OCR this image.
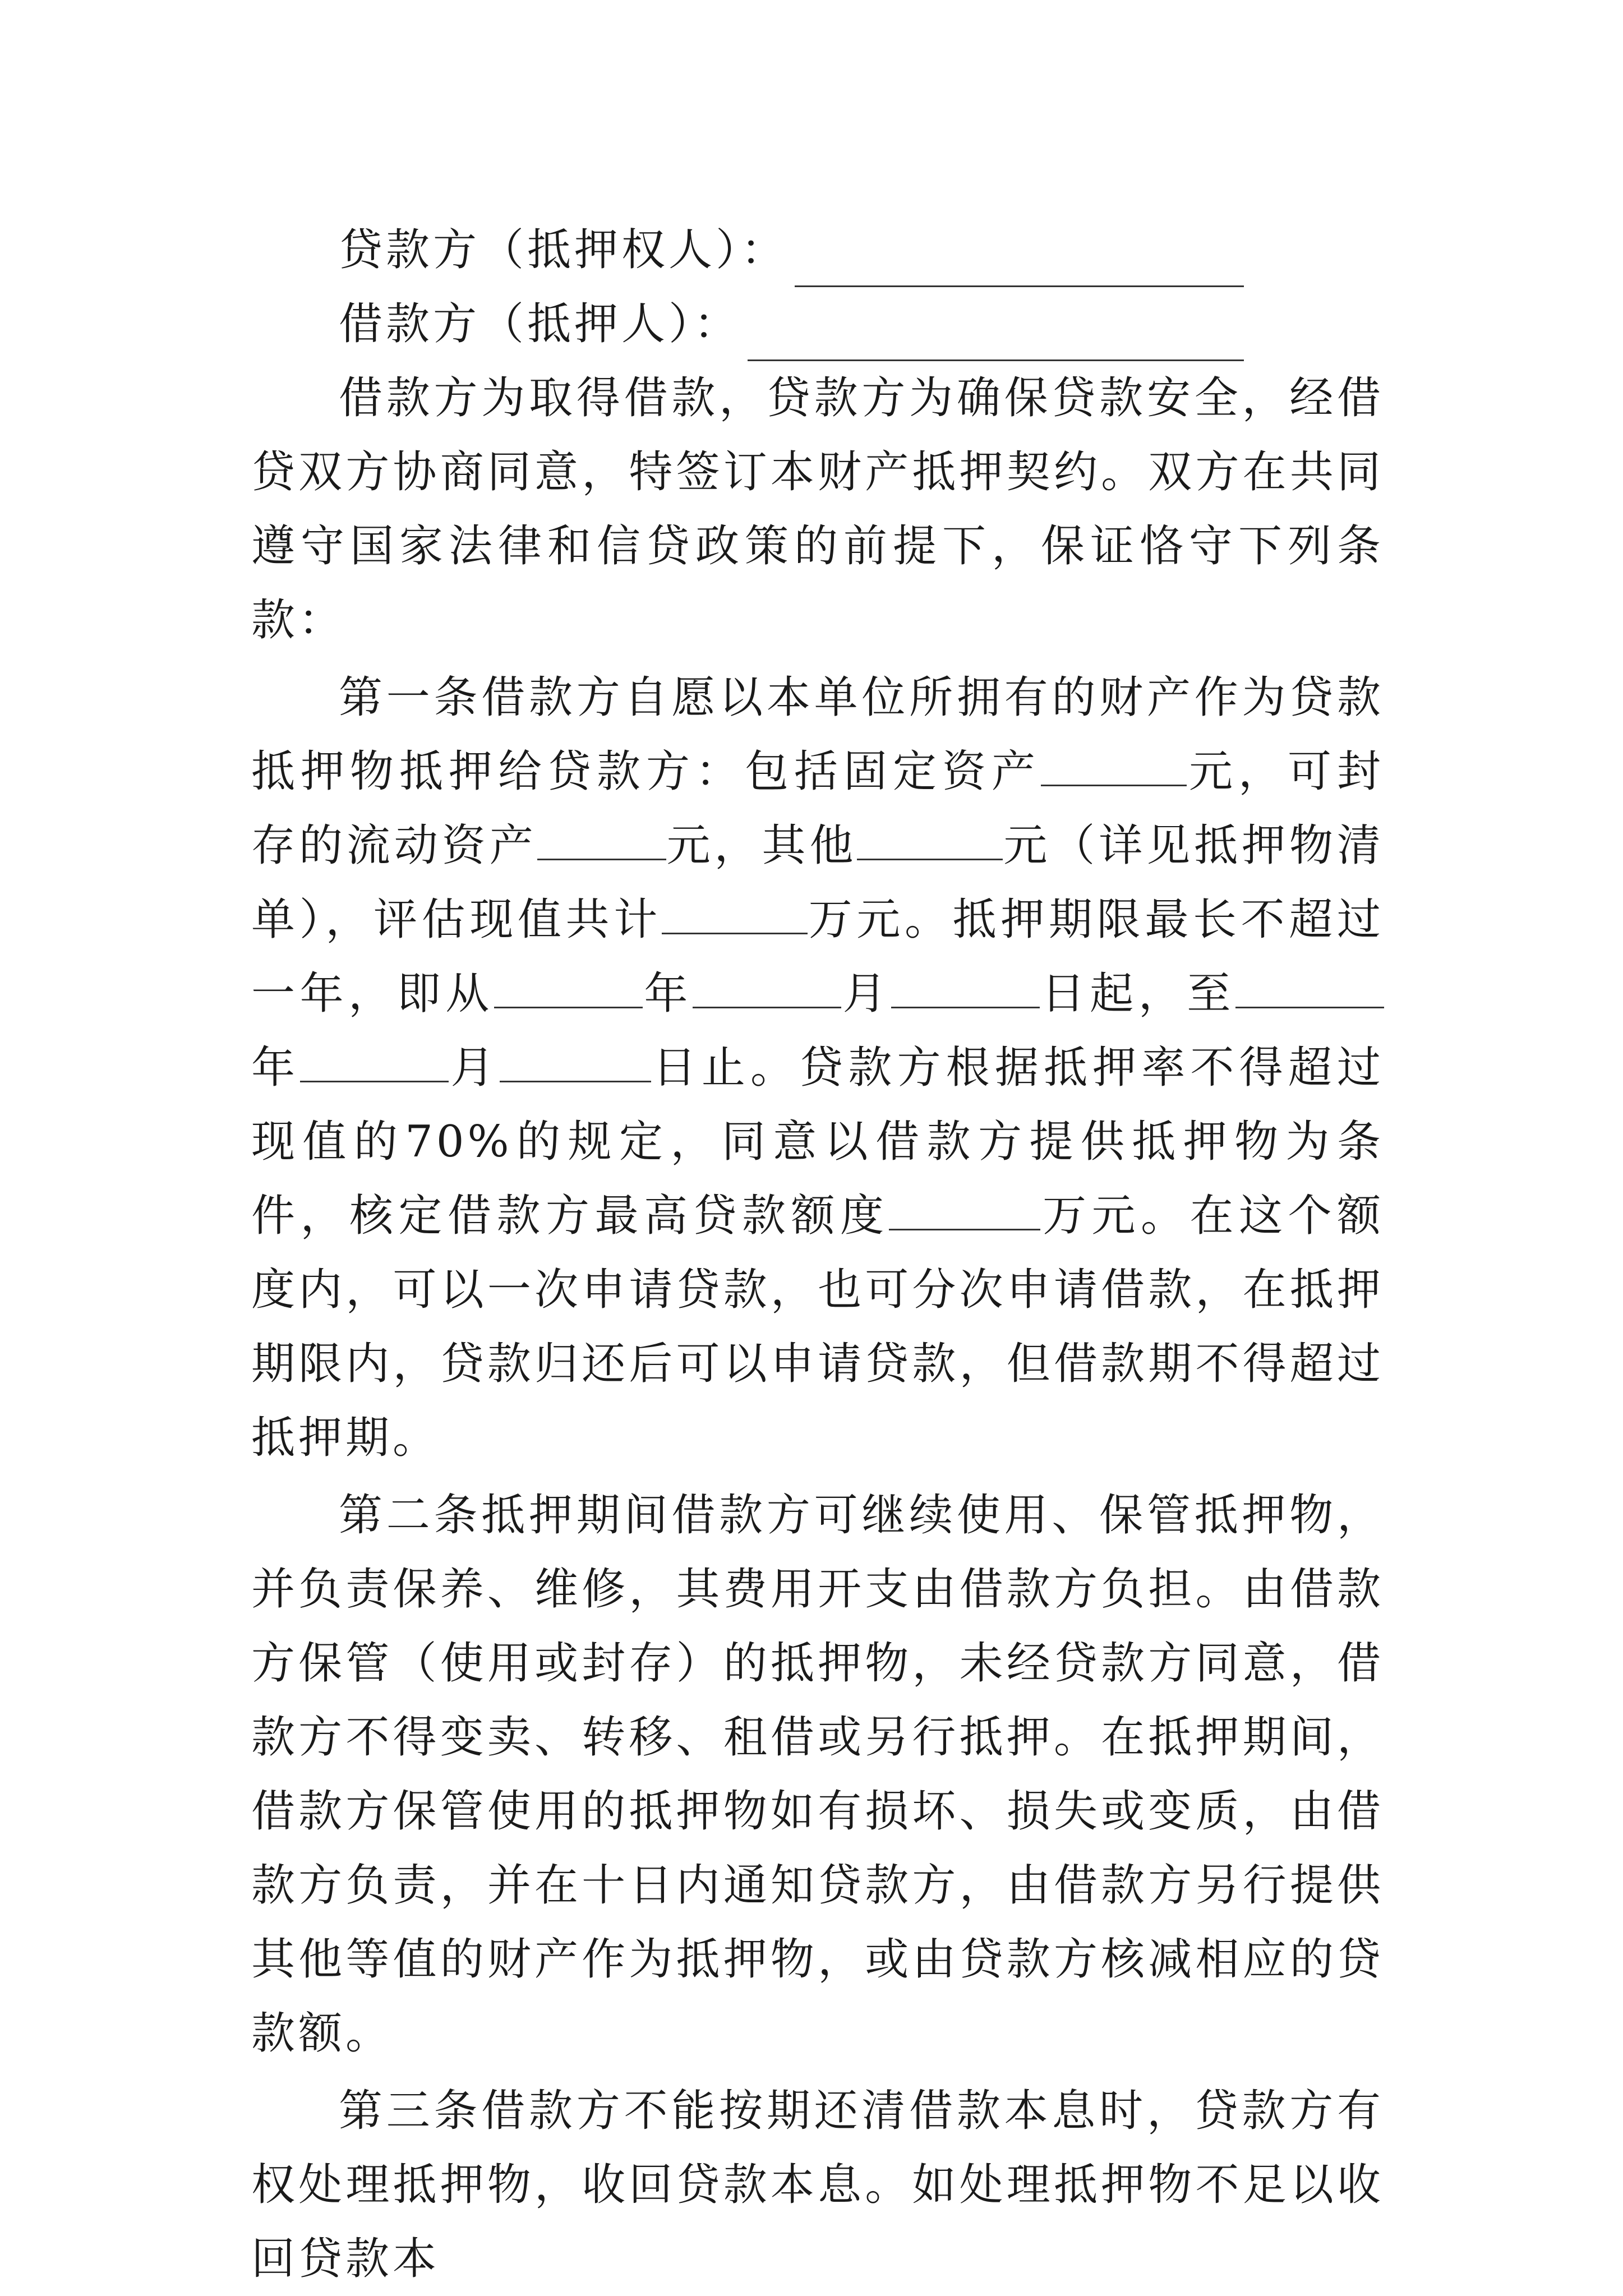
贷款方（抵押权人）：
借款方（抵押人）：

借款方为取得借款，贷款方为确保贷款安全，经借贷双方协商同意，特签订本财产抵押契约。双方在共同遵守国家法律和信贷政策的前提下，保证恪守下列条款：

第一条借款方自愿以本单位所拥有的财产作为贷款抵押物抵押给贷款方：包括固定资产	元，可封存的流动资产	元，其他	元（详见抵押物清单），评估现值共计	万元。抵押期限最长不超过一年，即从	年	月	日起，至年	月	日止。贷款方根据抵押率不得超过现值的70%的规定，同意以借款方提供抵押物为条件，核定借款方最高贷款额度	万元。在这个额度内，可以一次申请贷款，也可分次申请借款，在抵押期限内，贷款归还后可以申请贷款，但借款期不得超过抵押期。

第二条抵押期间借款方可继续使用、保管抵押物，并负责保养、维修，其费用开支由借款方负担。由借款方保管（使用或封存）的抵押物，未经贷款方同意，借款方不得变卖、转移、租借或另行抵押。在抵押期间，借款方保管使用的抵押物如有损坏、损失或变质，由借款方负责，并在十日内通知贷款方，由借款方另行提供其他等值的财产作为抵押物，或由贷款方核减相应的贷款额。

第三条借款方不能按期还清借款本息时，贷款方有权处理抵押物，收回贷款本息。如处理抵押物不足以收回贷款本
